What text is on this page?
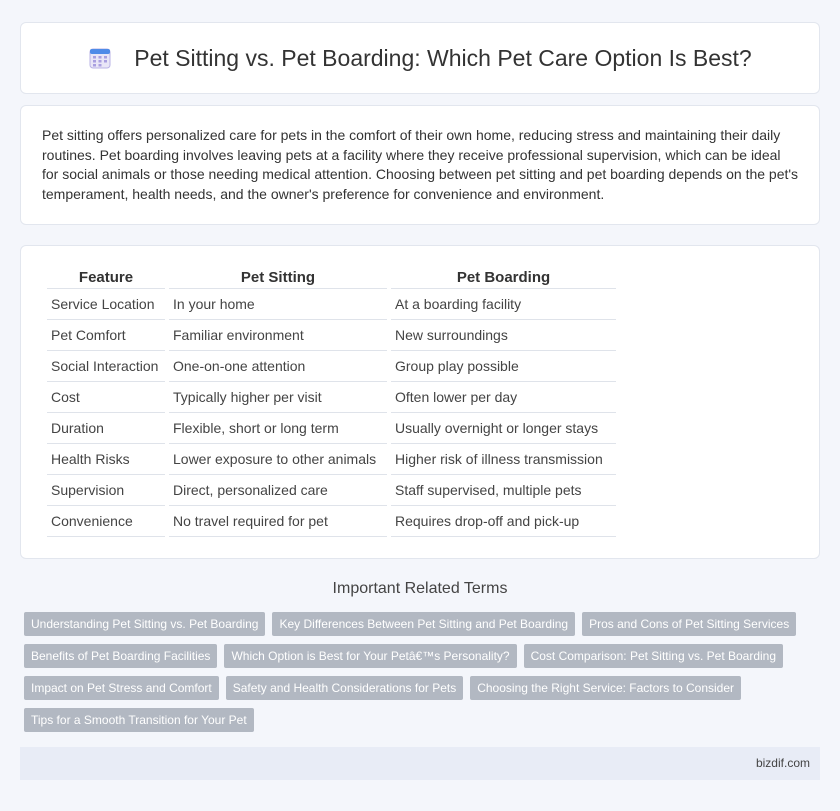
Pet Sitting vs. Pet Boarding: Which Pet Care Option Is Best?

Pet sitting offers personalized care for pets in the comfort of their own home, reducing stress and maintaining their daily routines. Pet boarding involves leaving pets at a facility where they receive professional supervision, which can be ideal for social animals or those needing medical attention. Choosing between pet sitting and pet boarding depends on the pet's temperament, health needs, and the owner's preference for convenience and environment.

Feature	Pet Sitting	Pet Boarding
Service Location	In your home	At a boarding facility
Pet Comfort	Familiar environment	New surroundings
Social Interaction	One-on-one attention	Group play possible
Cost	Typically higher per visit	Often lower per day
Duration	Flexible, short or long term	Usually overnight or longer stays
Health Risks	Lower exposure to other animals	Higher risk of illness transmission
Supervision	Direct, personalized care	Staff supervised, multiple pets
Convenience	No travel required for pet	Requires drop-off and pick-up
Important Related Terms
Understanding Pet Sitting vs. Pet Boarding	Key Differences Between Pet Sitting and Pet Boarding	Pros and Cons of Pet Sitting Services
Benefits of Pet Boarding Facilities	Which Option is Best for Your Petâ€™s Personality?	Cost Comparison: Pet Sitting vs. Pet Boarding
Impact on Pet Stress and Comfort	Safety and Health Considerations for Pets	Choosing the Right Service: Factors to Consider
Tips for a Smooth Transition for Your Pet
bizdif.com
